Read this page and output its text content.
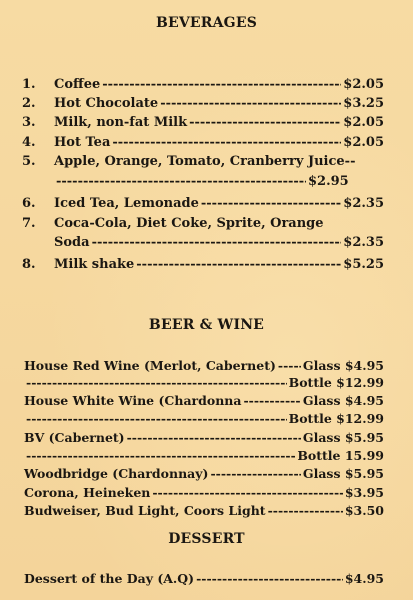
BEVERAGES
1.	Coffee -----	$2.05
2.	Hot Chocolate -----	$3.25
3.	Milk, non-fat Milk -----	$2.05
4.	Hot Tea -----	$2.05
5.	Apple, Orange, Tomato, Cranberry Juice--
-----
$2.95
6.	Iced Tea, Lemonade -----	$2.35
7.	Coca-Cola, Diet Coke, Sprite, Orange
Soda -----	$2.35
8.	Milk shake -----	$5.25
BEER & WINE
House Red Wine (Merlot, Cabernet) ----- Glass $4.95
-----
Bottle $12.99
House White Wine (Chardonna -----	Glass $4.95
-----
Bottle $12.99
BV (Cabernet) -----	Glass $5.95
-----
Bottle 15.99
Woodbridge (Chardonnay) -----	Glass $5.95
Corona, Heineken -----	$3.95
Budweiser, Bud Light, Coors Light -----	$3.50
DESSERT
Dessert of the Day (A.Q) -----	$4.95
